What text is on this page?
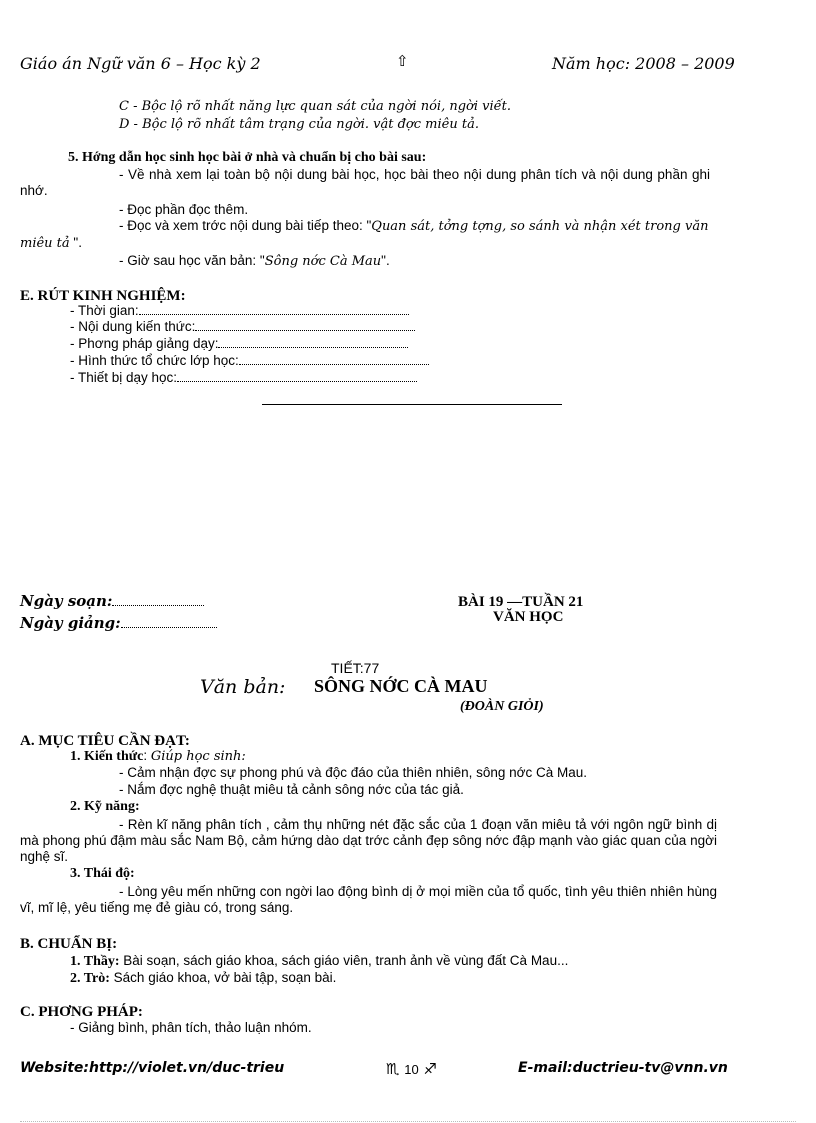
Giáo án Ngữ văn 6 – Học kỳ 2	⇧	Năm học: 2008 – 2009
C - Bộc lộ rõ nhất năng lực quan sát của ngời nói, ngời viết.
D - Bộc lộ rõ nhất tâm trạng của ngời. vật đợc miêu tả.
5. Hớng dẫn học sinh học bài ở nhà và chuẩn bị cho bài sau:
- Về nhà xem lại toàn bộ nội dung bài học, học bài theo nội dung phân tích và nội dung phần ghi nhớ.
- Đọc phần đọc thêm.
- Đọc và xem trớc nội dung bài tiếp theo: "Quan sát, tởng tợng, so sánh và nhận xét trong văn miêu tả ".
- Giờ sau học văn bản: "Sông nớc Cà Mau".
E. RÚT KINH NGHIỆM:
- Thời gian:
- Nội dung kiến thức:
- Phơng pháp giảng dạy:
- Hình thức tổ chức lớp học:
- Thiết bị dạy học:
Ngày soạn:
Ngày giảng:
BÀI 19 —TUẦN 21
VĂN HỌC
TIẾT:77
Văn bản: SÔNG NỚC CÀ MAU
(ĐOÀN GIỎI)
A. MỤC TIÊU CẦN ĐẠT:
1. Kiến thức: Giúp học sinh:
- Cảm nhận đợc sự phong phú và độc đáo của thiên nhiên, sông nớc Cà Mau.
- Nắm đợc nghệ thuật miêu tả cảnh sông nớc của tác giả.
2. Kỹ năng:
- Rèn kĩ năng phân tích , cảm thụ những nét đặc sắc của 1 đoạn văn miêu tả với ngôn ngữ bình dị mà phong phú đậm màu sắc Nam Bộ, cảm hứng dào dạt trớc cảnh đẹp sông nớc đập mạnh vào giác quan của ngời nghệ sĩ.
3. Thái độ:
- Lòng yêu mến những con ngời lao động bình dị ở mọi miền của tổ quốc, tình yêu thiên nhiên hùng vĩ, mĩ lệ, yêu tiếng mẹ đẻ giàu có, trong sáng.
B. CHUẨN BỊ:
1. Thầy: Bài soạn, sách giáo khoa, sách giáo viên, tranh ảnh về vùng đất Cà Mau...
2. Trò: Sách giáo khoa, vở bài tập, soạn bài.
C. PHƠNG PHÁP:
- Giảng bình, phân tích, thảo luận nhóm.
Website:http://violet.vn/duc-trieu	♏ 10 ♐	E-mail:ductrieu-tv@vnn.vn
